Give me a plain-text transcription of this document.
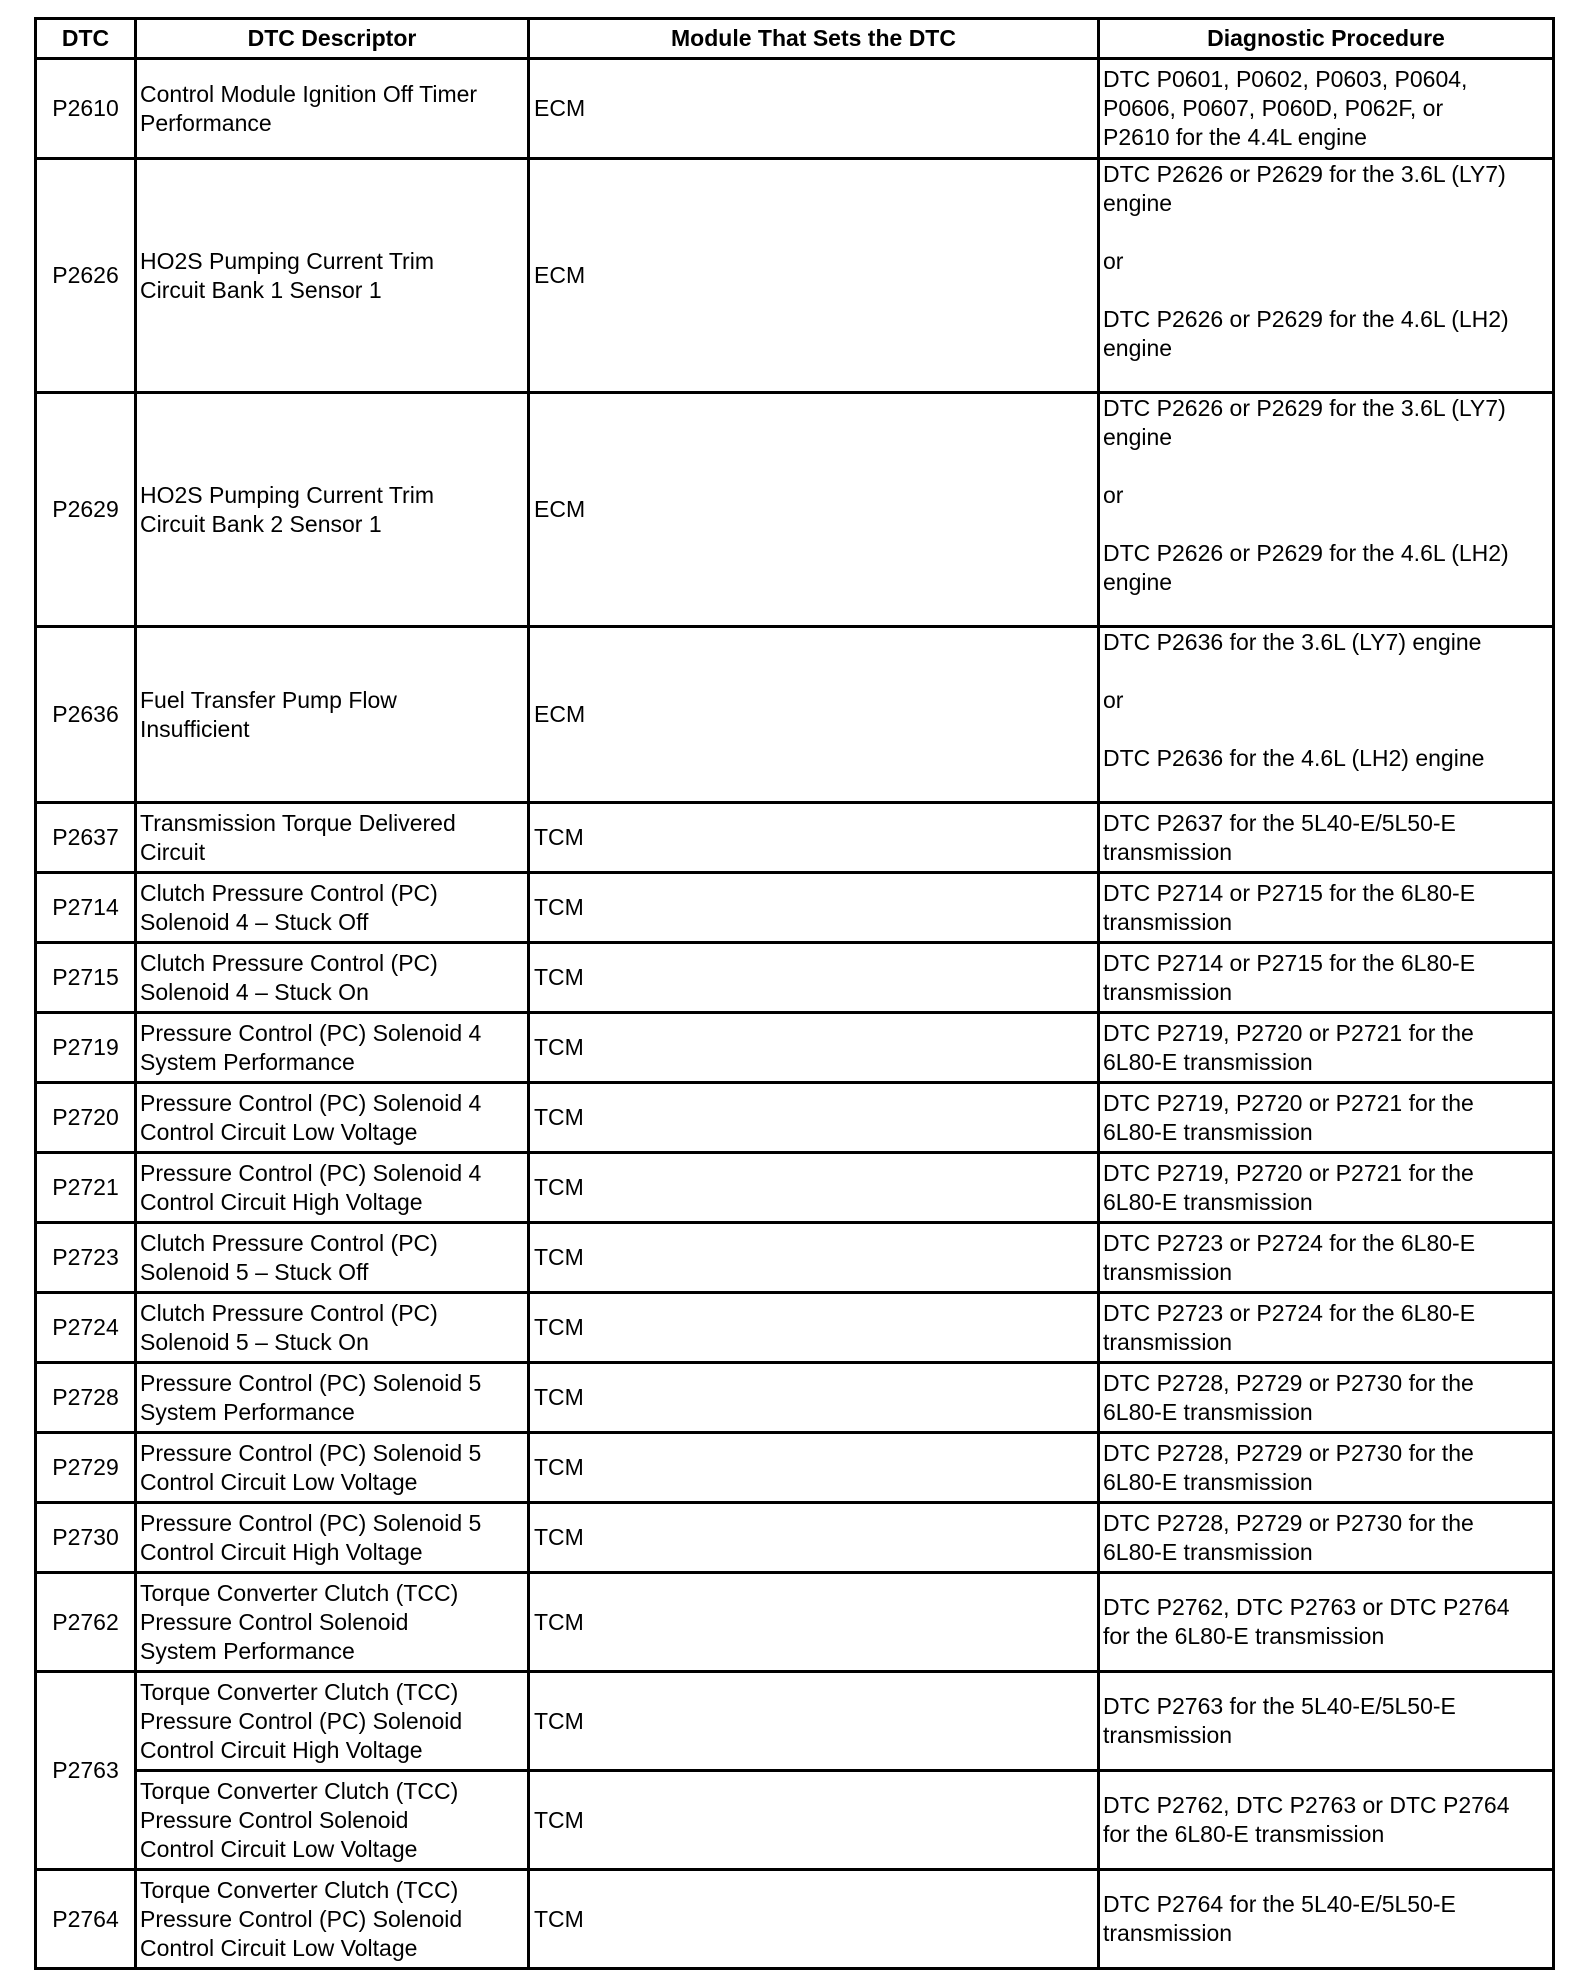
DTC	DTC Descriptor	Module That Sets the DTC	Diagnostic Procedure
P2610	Control Module Ignition Off Timer
Performance	ECM	DTC P0601, P0602, P0603, P0604,
P0606, P0607, P060D, P062F, or
P2610 for the 4.4L engine
P2626	HO2S Pumping Current Trim
Circuit Bank 1 Sensor 1	ECM	DTC P2626 or P2629 for the 3.6L (LY7)
engine

or

DTC P2626 or P2629 for the 4.6L (LH2)
engine
P2629	HO2S Pumping Current Trim
Circuit Bank 2 Sensor 1	ECM	DTC P2626 or P2629 for the 3.6L (LY7)
engine

or

DTC P2626 or P2629 for the 4.6L (LH2)
engine
P2636	Fuel Transfer Pump Flow
Insufficient	ECM	DTC P2636 for the 3.6L (LY7) engine

or

DTC P2636 for the 4.6L (LH2) engine
P2637	Transmission Torque Delivered
Circuit	TCM	DTC P2637 for the 5L40-E/5L50-E
transmission
P2714	Clutch Pressure Control (PC)
Solenoid 4 – Stuck Off	TCM	DTC P2714 or P2715 for the 6L80-E
transmission
P2715	Clutch Pressure Control (PC)
Solenoid 4 – Stuck On	TCM	DTC P2714 or P2715 for the 6L80-E
transmission
P2719	Pressure Control (PC) Solenoid 4
System Performance	TCM	DTC P2719, P2720 or P2721 for the
6L80-E transmission
P2720	Pressure Control (PC) Solenoid 4
Control Circuit Low Voltage	TCM	DTC P2719, P2720 or P2721 for the
6L80-E transmission
P2721	Pressure Control (PC) Solenoid 4
Control Circuit High Voltage	TCM	DTC P2719, P2720 or P2721 for the
6L80-E transmission
P2723	Clutch Pressure Control (PC)
Solenoid 5 – Stuck Off	TCM	DTC P2723 or P2724 for the 6L80-E
transmission
P2724	Clutch Pressure Control (PC)
Solenoid 5 – Stuck On	TCM	DTC P2723 or P2724 for the 6L80-E
transmission
P2728	Pressure Control (PC) Solenoid 5
System Performance	TCM	DTC P2728, P2729 or P2730 for the
6L80-E transmission
P2729	Pressure Control (PC) Solenoid 5
Control Circuit Low Voltage	TCM	DTC P2728, P2729 or P2730 for the
6L80-E transmission
P2730	Pressure Control (PC) Solenoid 5
Control Circuit High Voltage	TCM	DTC P2728, P2729 or P2730 for the
6L80-E transmission
P2762	Torque Converter Clutch (TCC)
Pressure Control Solenoid
System Performance	TCM	DTC P2762, DTC P2763 or DTC P2764
for the 6L80-E transmission
P2763	Torque Converter Clutch (TCC)
Pressure Control (PC) Solenoid
Control Circuit High Voltage	TCM	DTC P2763 for the 5L40-E/5L50-E
transmission
	Torque Converter Clutch (TCC)
Pressure Control Solenoid
Control Circuit Low Voltage	TCM	DTC P2762, DTC P2763 or DTC P2764
for the 6L80-E transmission
P2764	Torque Converter Clutch (TCC)
Pressure Control (PC) Solenoid
Control Circuit Low Voltage	TCM	DTC P2764 for the 5L40-E/5L50-E
transmission
